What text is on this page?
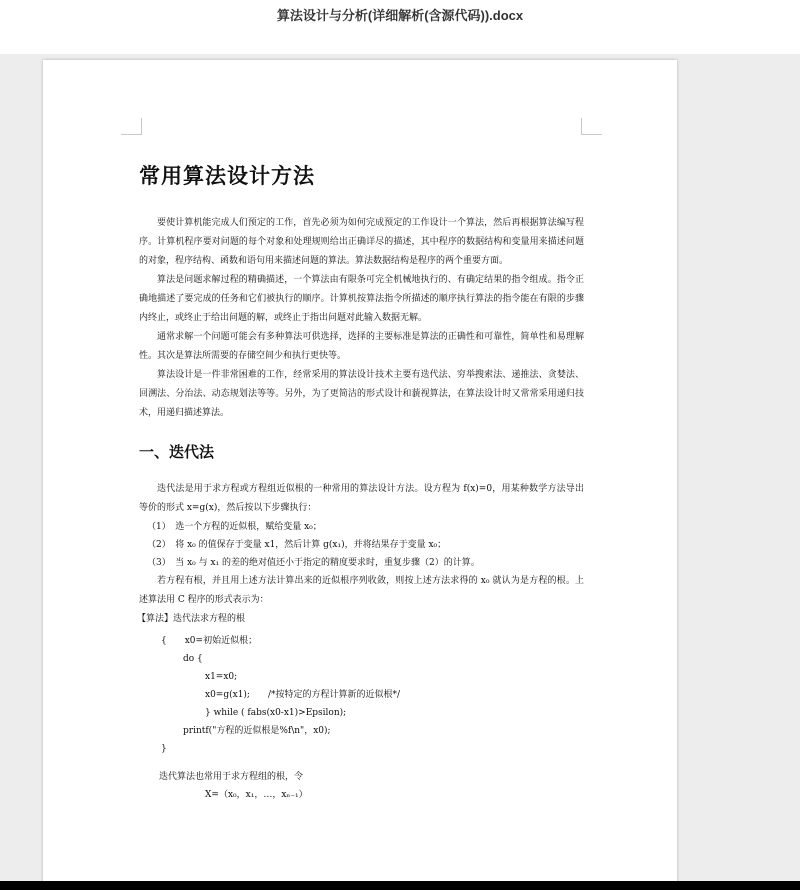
算法设计与分析(详细解析(含源代码)).docx
常用算法设计方法

要使计算机能完成人们预定的工作，首先必须为如何完成预定的工作设计一个算法，然后再根据算法编写程序。计算机程序要对问题的每个对象和处理规则给出正确详尽的描述，其中程序的数据结构和变量用来描述问题的对象，程序结构、函数和语句用来描述问题的算法。算法数据结构是程序的两个重要方面。

算法是问题求解过程的精确描述，一个算法由有限条可完全机械地执行的、有确定结果的指令组成。指令正确地描述了要完成的任务和它们被执行的顺序。计算机按算法指令所描述的顺序执行算法的指令能在有限的步骤内终止，或终止于给出问题的解，或终止于指出问题对此输入数据无解。

通常求解一个问题可能会有多种算法可供选择，选择的主要标准是算法的正确性和可靠性，简单性和易理解性。其次是算法所需要的存储空间少和执行更快等。

算法设计是一件非常困难的工作，经常采用的算法设计技术主要有迭代法、穷举搜索法、递推法、贪婪法、回溯法、分治法、动态规划法等等。另外，为了更简洁的形式设计和藐视算法，在算法设计时又常常采用递归技术，用递归描述算法。

一、迭代法

迭代法是用于求方程或方程组近似根的一种常用的算法设计方法。设方程为 f(x)=0，用某种数学方法导出等价的形式 x=g(x)，然后按以下步骤执行：

（1）　选一个方程的近似根，赋给变量 x₀；
（2）　将 x₀ 的值保存于变量 x1，然后计算 g(x₁)，并将结果存于变量 x₀；
（3）　当 x₀ 与 x₁ 的差的绝对值还小于指定的精度要求时，重复步骤（2）的计算。

若方程有根，并且用上述方法计算出来的近似根序列收敛，则按上述方法求得的 x₀ 就认为是方程的根。上述算法用 C 程序的形式表示为：

【算法】迭代法求方程的根
{　　x0=初始近似根；
do {
x1=x0;
x0=g(x1);　　/*按特定的方程计算新的近似根*/
} while ( fabs(x0-x1)>Epsilon);
printf("方程的近似根是%f\n"，x0);
}
迭代算法也常用于求方程组的根，令
X=（x₀，x₁，…，xₙ₋₁）
